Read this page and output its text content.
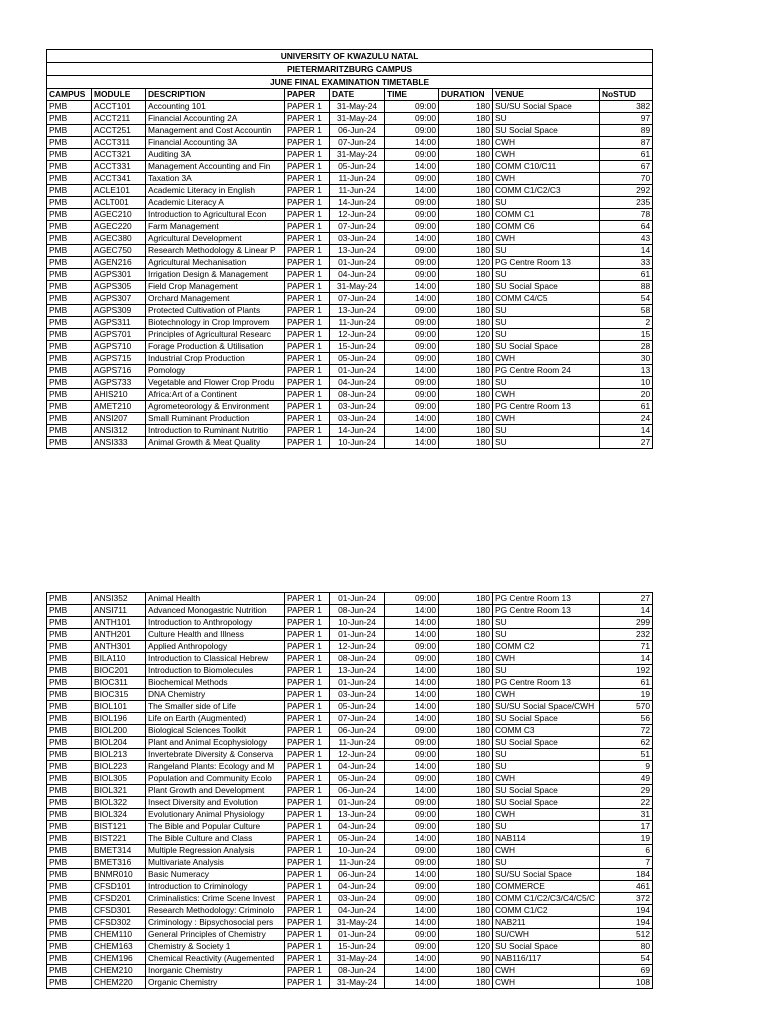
UNIVERSITY OF KWAZULU NATAL								
PIETERMARITZBURG CAMPUS								
JUNE FINAL EXAMINATION TIMETABLE								
CAMPUS	MODULE	DESCRIPTION	PAPER	DATE	TIME	DURATION	VENUE	NoSTUD
PMB	ACCT101	Accounting 101	PAPER 1	31-May-24	09:00	180	SU/SU Social Space	382
PMB	ACCT211	Financial Accounting 2A	PAPER 1	31-May-24	09:00	180	SU	97
PMB	ACCT251	Management and Cost Accountin	PAPER 1	06-Jun-24	09:00	180	SU Social Space	89
PMB	ACCT311	Financial Accounting 3A	PAPER 1	07-Jun-24	14:00	180	CWH	87
PMB	ACCT321	Auditing 3A	PAPER 1	31-May-24	09:00	180	CWH	61
PMB	ACCT331	Management Accounting and Fin	PAPER 1	05-Jun-24	14:00	180	COMM C10/C11	67
PMB	ACCT341	Taxation 3A	PAPER 1	11-Jun-24	09:00	180	CWH	70
PMB	ACLE101	Academic Literacy in English	PAPER 1	11-Jun-24	14:00	180	COMM C1/C2/C3	292
PMB	ACLT001	Academic Literacy A	PAPER 1	14-Jun-24	09:00	180	SU	235
PMB	AGEC210	Introduction to Agricultural Econ	PAPER 1	12-Jun-24	09:00	180	COMM C1	78
PMB	AGEC220	Farm Management	PAPER 1	07-Jun-24	09:00	180	COMM C6	64
PMB	AGEC380	Agricultural Development	PAPER 1	03-Jun-24	14:00	180	CWH	43
PMB	AGEC750	Research Methodology & Linear P	PAPER 1	13-Jun-24	09:00	180	SU	14
PMB	AGEN216	Agricultural Mechanisation	PAPER 1	01-Jun-24	09:00	120	PG Centre Room 13	33
PMB	AGPS301	Irrigation Design & Management	PAPER 1	04-Jun-24	09:00	180	SU	61
PMB	AGPS305	Field Crop Management	PAPER 1	31-May-24	14:00	180	SU Social Space	88
PMB	AGPS307	Orchard Management	PAPER 1	07-Jun-24	14:00	180	COMM C4/C5	54
PMB	AGPS309	Protected Cultivation of Plants	PAPER 1	13-Jun-24	09:00	180	SU	58
PMB	AGPS311	Biotechnology in Crop Improvem	PAPER 1	11-Jun-24	09:00	180	SU	2
PMB	AGPS701	Principles of Agricultural Researc	PAPER 1	12-Jun-24	09:00	120	SU	15
PMB	AGPS710	Forage Production & Utilisation	PAPER 1	15-Jun-24	09:00	180	SU Social Space	28
PMB	AGPS715	Industrial Crop Production	PAPER 1	05-Jun-24	09:00	180	CWH	30
PMB	AGPS716	Pomology	PAPER 1	01-Jun-24	14:00	180	PG Centre Room 24	13
PMB	AGPS733	Vegetable and Flower Crop Produ	PAPER 1	04-Jun-24	09:00	180	SU	10
PMB	AHIS210	Africa:Art of a Continent	PAPER 1	08-Jun-24	09:00	180	CWH	20
PMB	AMET210	Agrometeorology & Environment	PAPER 1	03-Jun-24	09:00	180	PG Centre Room 13	61
PMB	ANSI207	Small Ruminant Production	PAPER 1	03-Jun-24	14:00	180	CWH	24
PMB	ANSI312	Introduction to Ruminant Nutritio	PAPER 1	14-Jun-24	14:00	180	SU	14
PMB	ANSI333	Animal Growth & Meat Quality	PAPER 1	10-Jun-24	14:00	180	SU	27
PMB	ANSI352	Animal Health	PAPER 1	01-Jun-24	09:00	180	PG Centre Room 13	27
PMB	ANSI711	Advanced Monogastric Nutrition	PAPER 1	08-Jun-24	14:00	180	PG Centre Room 13	14
PMB	ANTH101	Introduction to Anthropology	PAPER 1	10-Jun-24	14:00	180	SU	299
PMB	ANTH201	Culture Health and Illness	PAPER 1	01-Jun-24	14:00	180	SU	232
PMB	ANTH301	Applied Anthropology	PAPER 1	12-Jun-24	09:00	180	COMM C2	71
PMB	BILA110	Introduction to Classical Hebrew	PAPER 1	08-Jun-24	09:00	180	CWH	14
PMB	BIOC201	Introduction to Biomolecules	PAPER 1	13-Jun-24	14:00	180	SU	192
PMB	BIOC311	Biochemical Methods	PAPER 1	01-Jun-24	14:00	180	PG Centre Room 13	61
PMB	BIOC315	DNA Chemistry	PAPER 1	03-Jun-24	14:00	180	CWH	19
PMB	BIOL101	The Smaller side of Life	PAPER 1	05-Jun-24	14:00	180	SU/SU Social Space/CWH	570
PMB	BIOL196	Life on Earth (Augmented)	PAPER 1	07-Jun-24	14:00	180	SU Social Space	56
PMB	BIOL200	Biological Sciences Toolkit	PAPER 1	06-Jun-24	09:00	180	COMM C3	72
PMB	BIOL204	Plant and Animal Ecophysiology	PAPER 1	11-Jun-24	09:00	180	SU Social Space	62
PMB	BIOL213	Invertebrate Diversity & Conserva	PAPER 1	12-Jun-24	09:00	180	SU	51
PMB	BIOL223	Rangeland Plants: Ecology and M	PAPER 1	04-Jun-24	14:00	180	SU	9
PMB	BIOL305	Population and Community Ecolo	PAPER 1	05-Jun-24	09:00	180	CWH	49
PMB	BIOL321	Plant Growth and Development	PAPER 1	06-Jun-24	14:00	180	SU Social Space	29
PMB	BIOL322	Insect Diversity and Evolution	PAPER 1	01-Jun-24	09:00	180	SU Social Space	22
PMB	BIOL324	Evolutionary Animal Physiology	PAPER 1	13-Jun-24	09:00	180	CWH	31
PMB	BIST121	The Bible and Popular Culture	PAPER 1	04-Jun-24	09:00	180	SU	17
PMB	BIST221	The Bible Culture and Class	PAPER 1	05-Jun-24	14:00	180	NAB114	19
PMB	BMET314	Multiple Regression Analysis	PAPER 1	10-Jun-24	09:00	180	CWH	6
PMB	BMET316	Multivariate Analysis	PAPER 1	11-Jun-24	09:00	180	SU	7
PMB	BNMR010	Basic Numeracy	PAPER 1	06-Jun-24	14:00	180	SU/SU Social Space	184
PMB	CFSD101	Introduction to Criminology	PAPER 1	04-Jun-24	09:00	180	COMMERCE	461
PMB	CFSD201	Criminalistics: Crime Scene Invest	PAPER 1	03-Jun-24	09:00	180	COMM C1/C2/C3/C4/C5/C	372
PMB	CFSD301	Research Methodology: Criminolo	PAPER 1	04-Jun-24	14:00	180	COMM C1/C2	194
PMB	CFSD302	Criminology : Bipsychosocial pers	PAPER 1	31-May-24	14:00	180	NAB211	194
PMB	CHEM110	General Principles of Chemistry	PAPER 1	01-Jun-24	09:00	180	SU/CWH	512
PMB	CHEM163	Chemistry & Society 1	PAPER 1	15-Jun-24	09:00	120	SU Social Space	80
PMB	CHEM196	Chemical Reactivity (Augemented	PAPER 1	31-May-24	14:00	90	NAB116/117	54
PMB	CHEM210	Inorganic Chemistry	PAPER 1	08-Jun-24	14:00	180	CWH	69
PMB	CHEM220	Organic Chemistry	PAPER 1	31-May-24	14:00	180	CWH	108
